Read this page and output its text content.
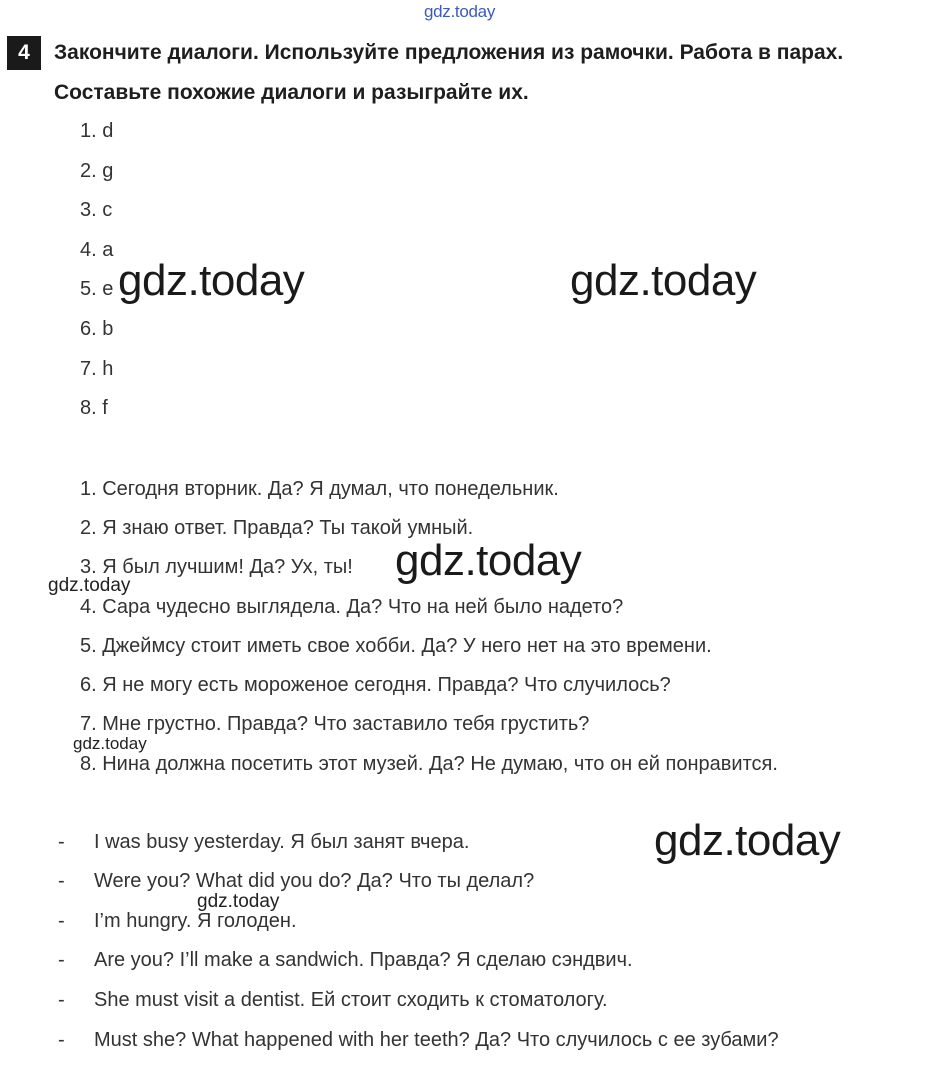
gdz.today
4	Закончите диалоги. Используйте предложения из рамочки. Работа в парах.
Составьте похожие диалоги и разыграйте их.
1. d
2. g
3. c
4. a
5. e
6. b
7. h
8. f
1. Сегодня вторник. Да? Я думал, что понедельник.
2. Я знаю ответ. Правда? Ты такой умный.
3. Я был лучшим! Да? Ух, ты!
4. Сара чудесно выглядела. Да? Что на ней было надето?
5. Джеймсу стоит иметь свое хобби. Да? У него нет на это времени.
6. Я не могу есть мороженое сегодня. Правда? Что случилось?
7. Мне грустно. Правда? Что заставило тебя грустить?
8. Нина должна посетить этот музей. Да? Не думаю, что он ей понравится.
- I was busy yesterday. Я был занят вчера.
- Were you? What did you do? Да? Что ты делал?
- I’m hungry. Я голоден.
- Are you? I’ll make a sandwich. Правда? Я сделаю сэндвич.
- She must visit a dentist. Ей стоит сходить к стоматологу.
- Must she? What happened with her teeth? Да? Что случилось с ее зубами?
gdz.today	gdz.today
gdz.today
gdz.today
gdz.today
gdz.today
gdz.today
